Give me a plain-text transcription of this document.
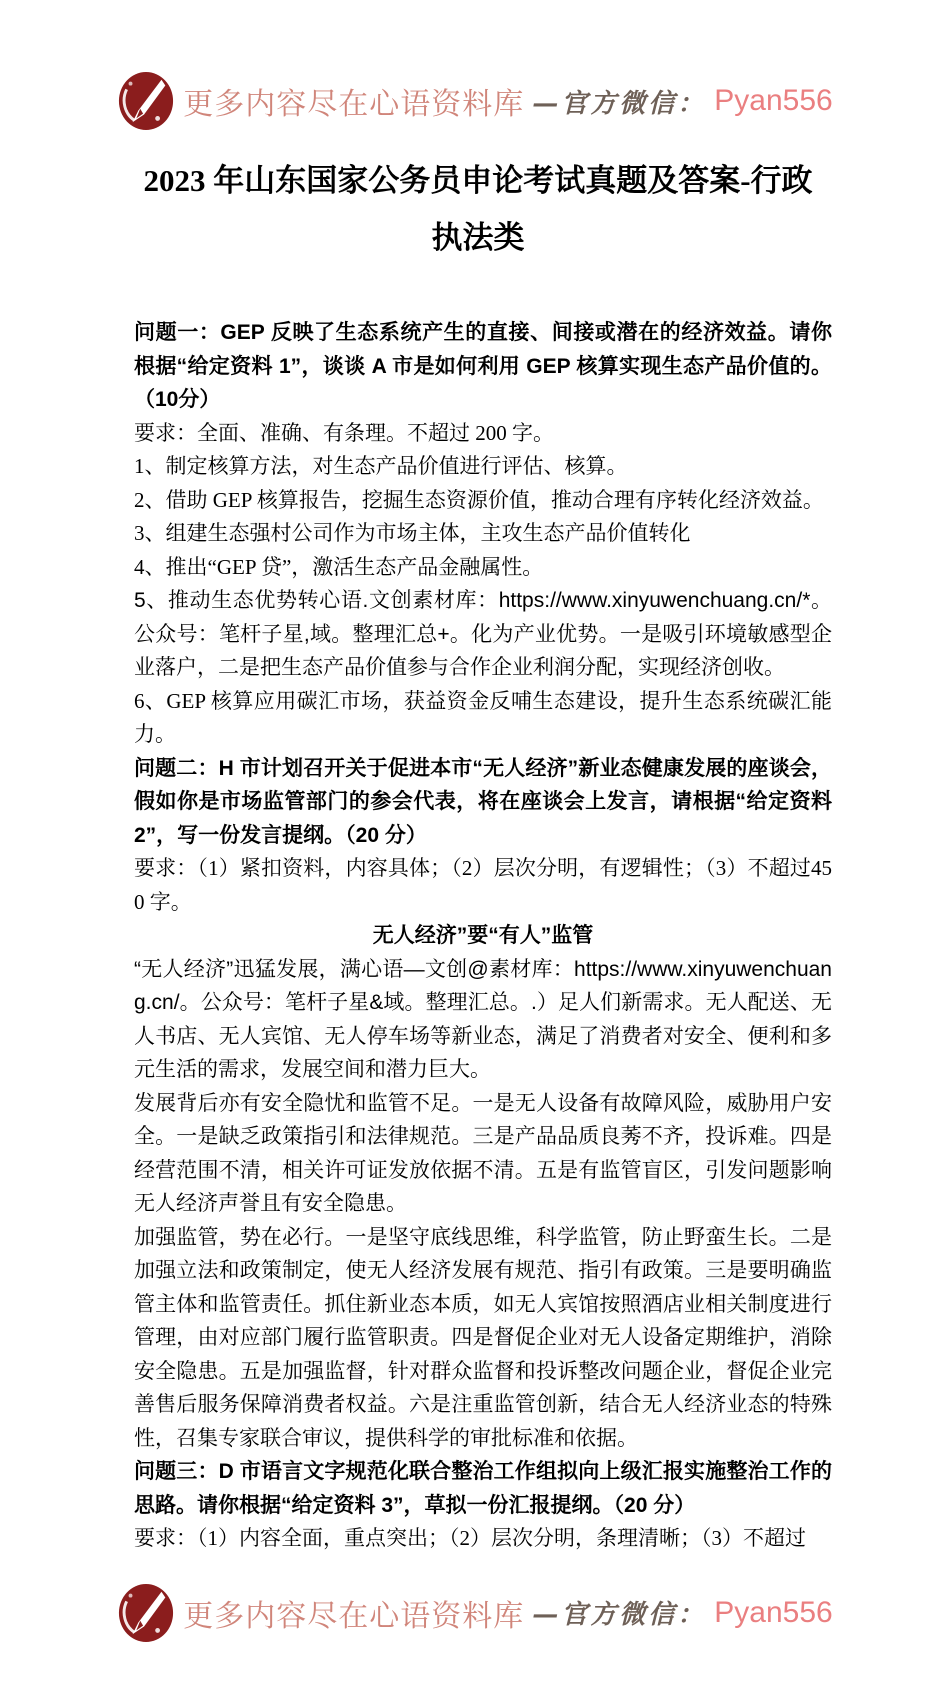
更多内容尽在心语资料库 —官方微信： Pyan556
2023 年山东国家公务员申论考试真题及答案-行政执法类

问题一：GEP 反映了生态系统产生的直接、间接或潜在的经济效益。请你根据“给定资料 1”，谈谈 A 市是如何利用 GEP 核算实现生态产品价值的。（10分）

要求：全面、准确、有条理。不超过 200 字。

1、制定核算方法，对生态产品价值进行评估、核算。

2、借助 GEP 核算报告，挖掘生态资源价值，推动合理有序转化经济效益。

3、组建生态强村公司作为市场主体，主攻生态产品价值转化

4、推出“GEP 贷”，激活生态产品金融属性。

5、推动生态优势转心语.文创素材库：https://www.xinyuwenchuang.cn/*。公众号：笔杆子星,域。整理汇总+。化为产业优势。一是吸引环境敏感型企业落户，二是把生态产品价值参与合作企业利润分配，实现经济创收。

6、GEP 核算应用碳汇市场，获益资金反哺生态建设，提升生态系统碳汇能力。

问题二：H 市计划召开关于促进本市“无人经济”新业态健康发展的座谈会，假如你是市场监管部门的参会代表，将在座谈会上发言，请根据“给定资料2”，写一份发言提纲。（20 分）

要求：（1）紧扣资料，内容具体；（2）层次分明，有逻辑性；（3）不超过450 字。

无人经济”要“有人”监管

“无人经济”迅猛发展，满心语—文创@素材库：https://www.xinyuwenchuang.cn/。公众号：笔杆子星&域。整理汇总。.）足人们新需求。无人配送、无人书店、无人宾馆、无人停车场等新业态，满足了消费者对安全、便利和多元生活的需求，发展空间和潜力巨大。

发展背后亦有安全隐忧和监管不足。一是无人设备有故障风险，威胁用户安全。一是缺乏政策指引和法律规范。三是产品品质良莠不齐，投诉难。四是经营范围不清，相关许可证发放依据不清。五是有监管盲区，引发问题影响无人经济声誉且有安全隐患。

加强监管，势在必行。一是坚守底线思维，科学监管，防止野蛮生长。二是加强立法和政策制定，使无人经济发展有规范、指引有政策。三是要明确监管主体和监管责任。抓住新业态本质，如无人宾馆按照酒店业相关制度进行管理，由对应部门履行监管职责。四是督促企业对无人设备定期维护，消除安全隐患。五是加强监督，针对群众监督和投诉整改问题企业，督促企业完善售后服务保障消费者权益。六是注重监管创新，结合无人经济业态的特殊性，召集专家联合审议，提供科学的审批标准和依据。

问题三：D 市语言文字规范化联合整治工作组拟向上级汇报实施整治工作的思路。请你根据“给定资料 3”，草拟一份汇报提纲。（20 分）

要求：（1）内容全面，重点突出；（2）层次分明，条理清晰；（3）不超过

更多内容尽在心语资料库 —官方微信： Pyan556
